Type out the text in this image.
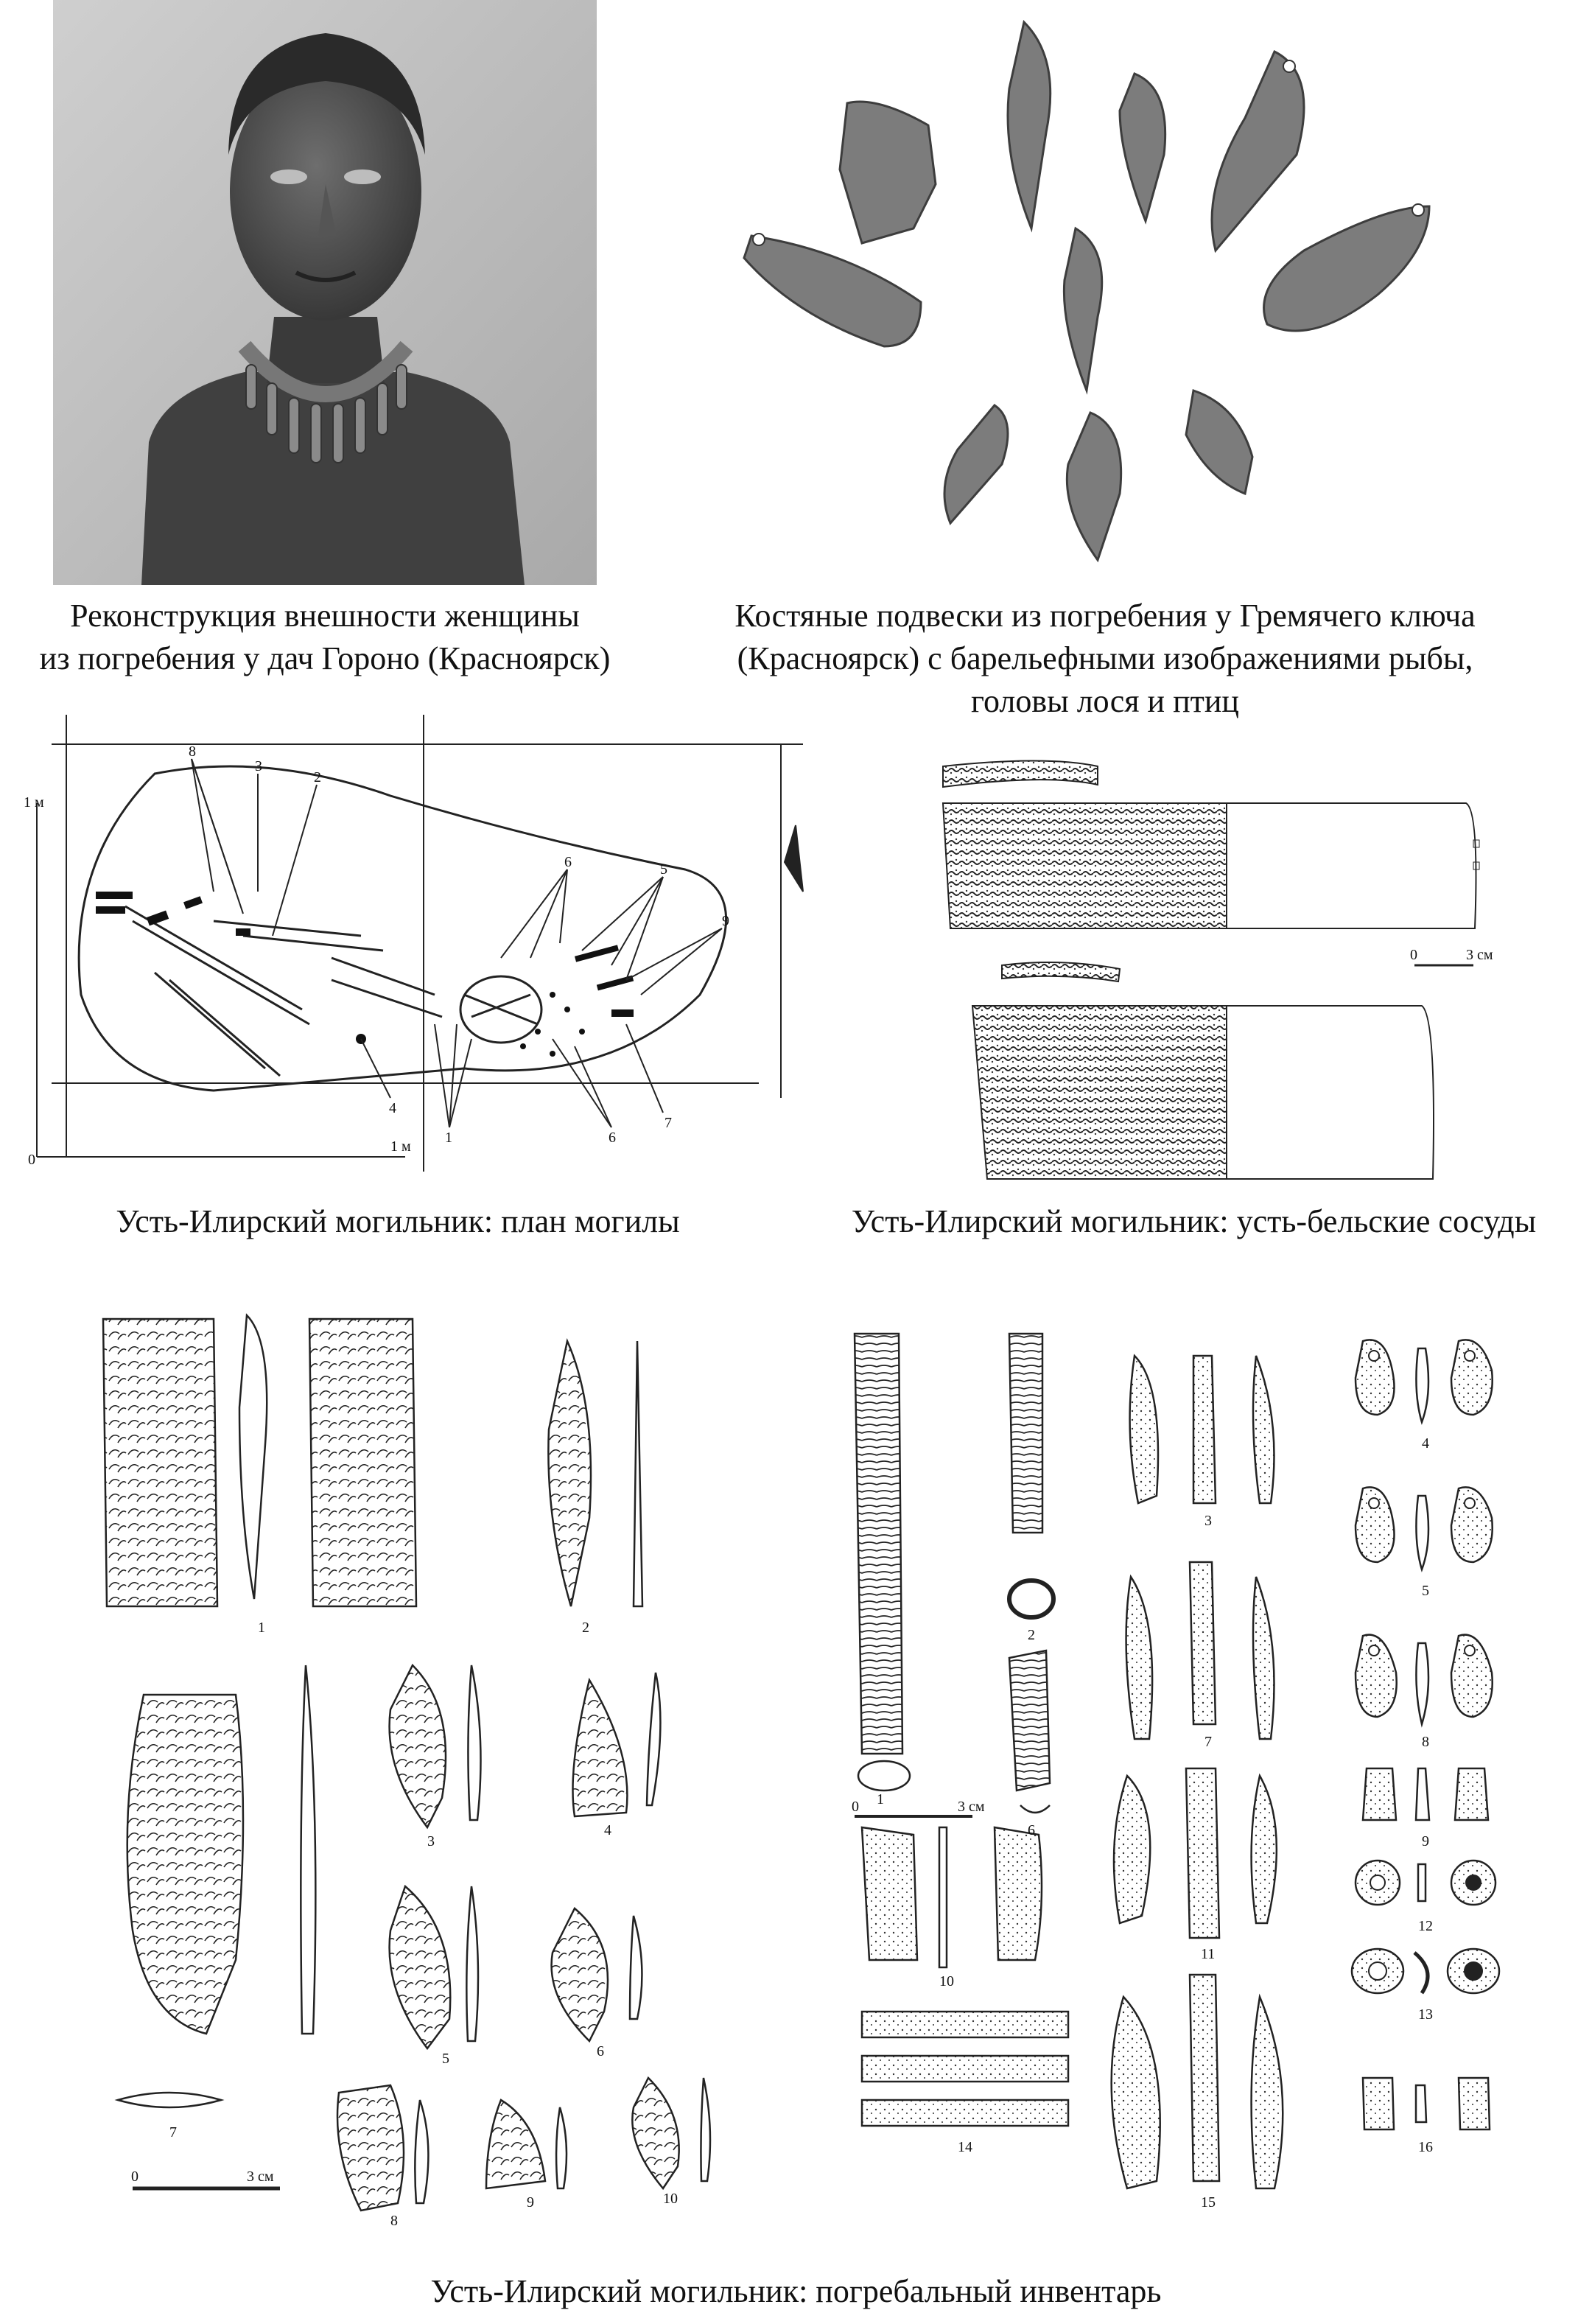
Реконструкция внешности женщины
из погребения у дач Гороно (Красноярск)
Костяные подвески из погребения у Гремячего ключа
(Красноярск) с барельефными изображениями рыбы,
головы лося и птиц
8
3
2
6	5
9
4
1	6
7
1 м
1 м
0
Усть-Илирский могильник: план могилы
0	3 см
Усть-Илирский могильник: усть-бельские сосуды
0	3 см
1	2
3
4
5	6
7
8
9	10
0	3 см
1
2
6
3
7
11
10
14
15
4
5
8
9
12
13
16
Усть-Илирский могильник: погребальный инвентарь
